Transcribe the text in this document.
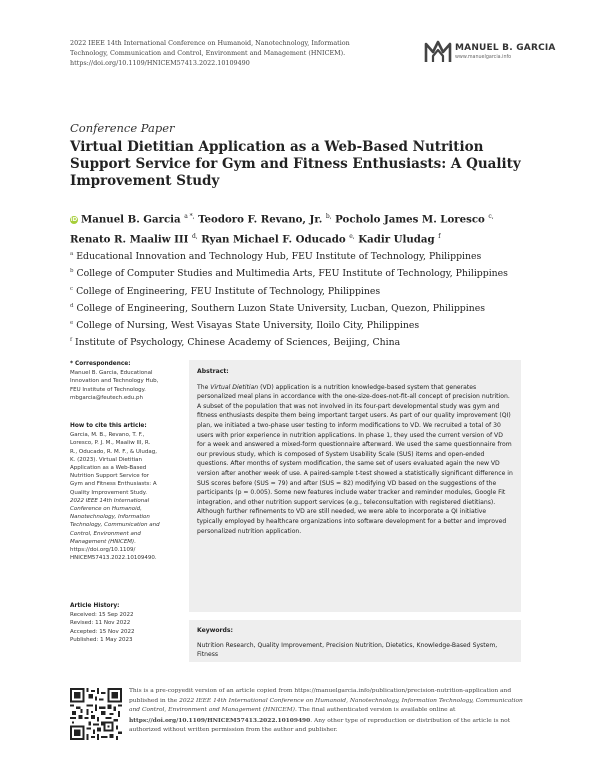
2022 IEEE 14th International Conference on Humanoid, Nanotechnology, Information
Technology, Communication and Control, Environment and Management (HNICEM).
https://doi.org/10.1109/HNICEM57413.2022.10109490
MANUEL B. GARCIA
www.manuelgarcia.info
Conference Paper
Virtual Dietitian Application as a Web-Based Nutrition Support Service for Gym and Fitness Enthusiasts: A Quality Improvement Study
iD Manuel B. Garcia $^{a *,}$ Teodoro F. Revano, Jr. $^{b,}$ Pocholo James M. Loresco $^{c,}$
Renato R. Maaliw III $^{d,}$ Ryan Michael F. Oducado $^{e,}$ Kadir Uludag $^f$
$^a$ Educational Innovation and Technology Hub, FEU Institute of Technology, Philippines
$^b$ College of Computer Studies and Multimedia Arts, FEU Institute of Technology, Philippines
$^c$ College of Engineering, FEU Institute of Technology, Philippines
$^d$ College of Engineering, Southern Luzon State University, Lucban, Quezon, Philippines
$^e$ College of Nursing, West Visayas State University, Iloilo City, Philippines
$^f$ Institute of Psychology, Chinese Academy of Sciences, Beijing, China
* Correspondence:
Manuel B. Garcia, Educational
Innovation and Technology Hub,
FEU Institute of Technology.
mbgarcia@feutech.edu.ph
How to cite this article:
Garcia, M. B., Revano, T. F.,
Loresco, P. J. M., Maaliw III, R.
R., Oducado, R. M. F., & Uludag,
K. (2023). Virtual Dietitian
Application as a Web-Based
Nutrition Support Service for
Gym and Fitness Enthusiasts: A
Quality Improvement Study.
2022 IEEE 14th International
Conference on Humanoid,
Nanotechnology, Information
Technology, Communication and
Control, Environment and
Management (HNICEM).
https://doi.org/10.1109/
HNICEM57413.2022.10109490.
Article History:
Received: 15 Sep 2022
Revised: 11 Nov 2022
Accepted: 15 Nov 2022
Published: 1 May 2023
Abstract:
The Virtual Dietitian (VD) application is a nutrition knowledge-based system that generates personalized meal plans in accordance with the one-size-does-not-fit-all concept of precision nutrition. A subset of the population that was not involved in its four-part developmental study was gym and fitness enthusiasts despite them being important target users. As part of our quality improvement (QI) plan, we initiated a two-phase user testing to inform modifications to VD. We recruited a total of 30 users with prior experience in nutrition applications. In phase 1, they used the current version of VD for a week and answered a mixed-form questionnaire afterward. We used the same questionnaire from our previous study, which is composed of System Usability Scale (SUS) items and open-ended questions. After months of system modification, the same set of users evaluated again the new VD version after another week of use. A paired-sample t-test showed a statistically significant difference in SUS scores before (SUS = 79) and after (SUS = 82) modifying VD based on the suggestions of the participants (p = 0.005). Some new features include water tracker and reminder modules, Google Fit integration, and other nutrition support services (e.g., teleconsultation with registered dietitians). Although further refinements to VD are still needed, we were able to incorporate a QI initiative typically employed by healthcare organizations into software development for a better and improved personalized nutrition application.
Keywords:
Nutrition Research, Quality Improvement, Precision Nutrition, Dietetics, Knowledge-Based System, Fitness
This is a pre-copyedit version of an article copied from https://manuelgarcia.info/publication/precision-nutrition-application and published in the 2022 IEEE 14th International Conference on Humanoid, Nanotechnology, Information Technology, Communication and Control, Environment and Management (HNICEM). The final authenticated version is available online at https://doi.org/10.1109/HNICEM57413.2022.10109490. Any other type of reproduction or distribution of the article is not authorized without written permission from the author and publisher.
